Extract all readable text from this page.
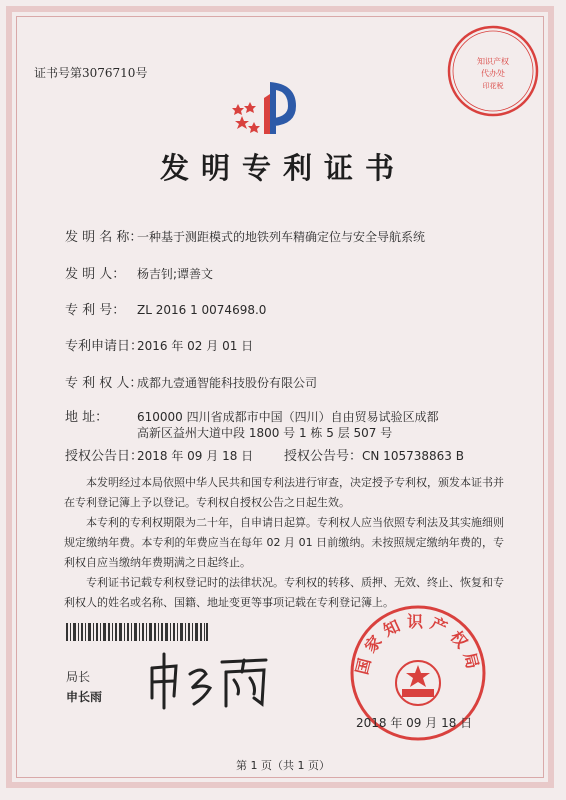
证书号第3076710号
知识产权
代办处
印花税
发明专利证书
发 明 名 称：一种基于测距模式的地铁列车精确定位与安全导航系统
发 明 人： 杨吉钊;谭善文
专 利 号： ZL 2016 1 0074698.0
专利申请日：2016 年 02 月 01 日
专 利 权 人：成都九壹通智能科技股份有限公司
地 址： 610000 四川省成都市中国（四川）自由贸易试验区成都
高新区益州大道中段 1800 号 1 栋 5 层 507 号
授权公告日：2018 年 09 月 18 日 授权公告号：CN 105738863 B
本发明经过本局依照中华人民共和国专利法进行审查，决定授予专利权，颁发本证书并在专利登记簿上予以登记。专利权自授权公告之日起生效。
本专利的专利权期限为二十年，自申请日起算。专利权人应当依照专利法及其实施细则规定缴纳年费。本专利的年费应当在每年 02 月 01 日前缴纳。未按照规定缴纳年费的，专利权自应当缴纳年费期满之日起终止。
专利证书记载专利权登记时的法律状况。专利权的转移、质押、无效、终止、恢复和专利权人的姓名或名称、国籍、地址变更等事项记载在专利登记簿上。
局长
申长雨
国家知识产权局
2018 年 09 月 18 日
第 1 页（共 1 页）
